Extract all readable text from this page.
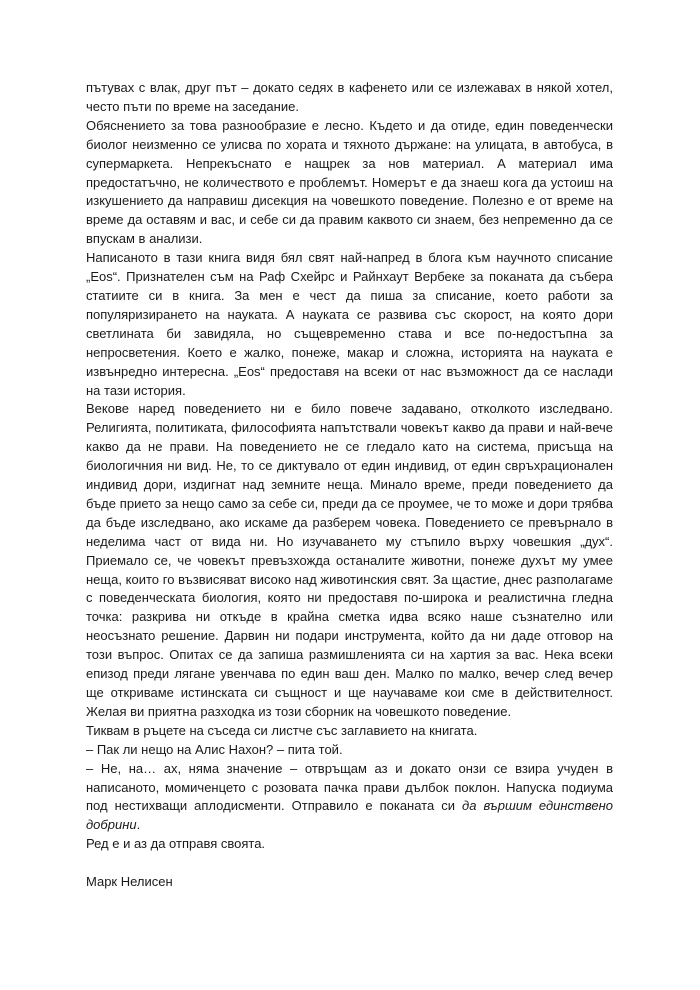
пътувах с влак, друг път – докато седях в кафенето или се излежавах в някой хотел, често пъти по време на заседание.

Обяснението за това разнообразие е лесно. Където и да отиде, един поведенчески биолог неизменно се улисва по хората и тяхното държане: на улицата, в автобуса, в супермаркета. Непрекъснато е нащрек за нов материал. А материал има предостатъчно, не количеството е проблемът. Номерът е да знаеш кога да устоиш на изкушението да направиш дисекция на човешкото поведение. Полезно е от време на време да оставям и вас, и себе си да правим каквото си знаем, без непременно да се впускам в анализи.

Написаното в тази книга видя бял свят най-напред в блога към научното списание „Eos“. Признателен съм на Раф Схейрс и Райнхаут Вербеке за поканата да събера статиите си в книга. За мен е чест да пиша за списание, което работи за популяризирането на науката. А науката се развива със скорост, на която дори светлината би завидяла, но същевременно става и все по-недостъпна за непросветения. Което е жалко, понеже, макар и сложна, историята на науката е извънредно интересна. „Eos“ предоставя на всеки от нас възможност да се наслади на тази история.

Векове наред поведението ни е било повече задавано, отколкото изследвано. Религията, политиката, философията напътствали човекът какво да прави и най-вече какво да не прави. На поведението не се гледало като на система, присъща на биологичния ни вид. Не, то се диктувало от един индивид, от един свръхрационален индивид дори, издигнат над земните неща. Минало време, преди поведението да бъде прието за нещо само за себе си, преди да се проумее, че то може и дори трябва да бъде изследвано, ако искаме да разберем човека. Поведението се превърнало в неделима част от вида ни. Но изучаването му стъпило върху човешкия „дух“. Приемало се, че човекът превъзхожда останалите животни, понеже духът му умее неща, които го възвисяват високо над животинския свят. За щастие, днес разполагаме с поведенческата биология, която ни предоставя по-широка и реалистична гледна точка: разкрива ни откъде в крайна сметка идва всяко наше съзнателно или неосъзнато решение. Дарвин ни подари инструмента, който да ни даде отговор на този въпрос. Опитах се да запиша размишленията си на хартия за вас. Нека всеки епизод преди лягане увенчава по един ваш ден. Малко по малко, вечер след вечер ще откриваме истинската си същност и ще научаваме кои сме в действителност. Желая ви приятна разходка из този сборник на човешкото поведение.

Тиквам в ръцете на съседа си листче със заглавието на книгата.

– Пак ли нещо на Алис Нахон? – пита той.

– Не, на… ах, няма значение – отвръщам аз и докато онзи се взира учуден в написаното, момиченцето с розовата пачка прави дълбок поклон. Напуска подиума под нестихващи аплодисменти. Отправило е поканата си да вършим единствено добрини.

Ред е и аз да отправя своята.

Марк Нелисен
